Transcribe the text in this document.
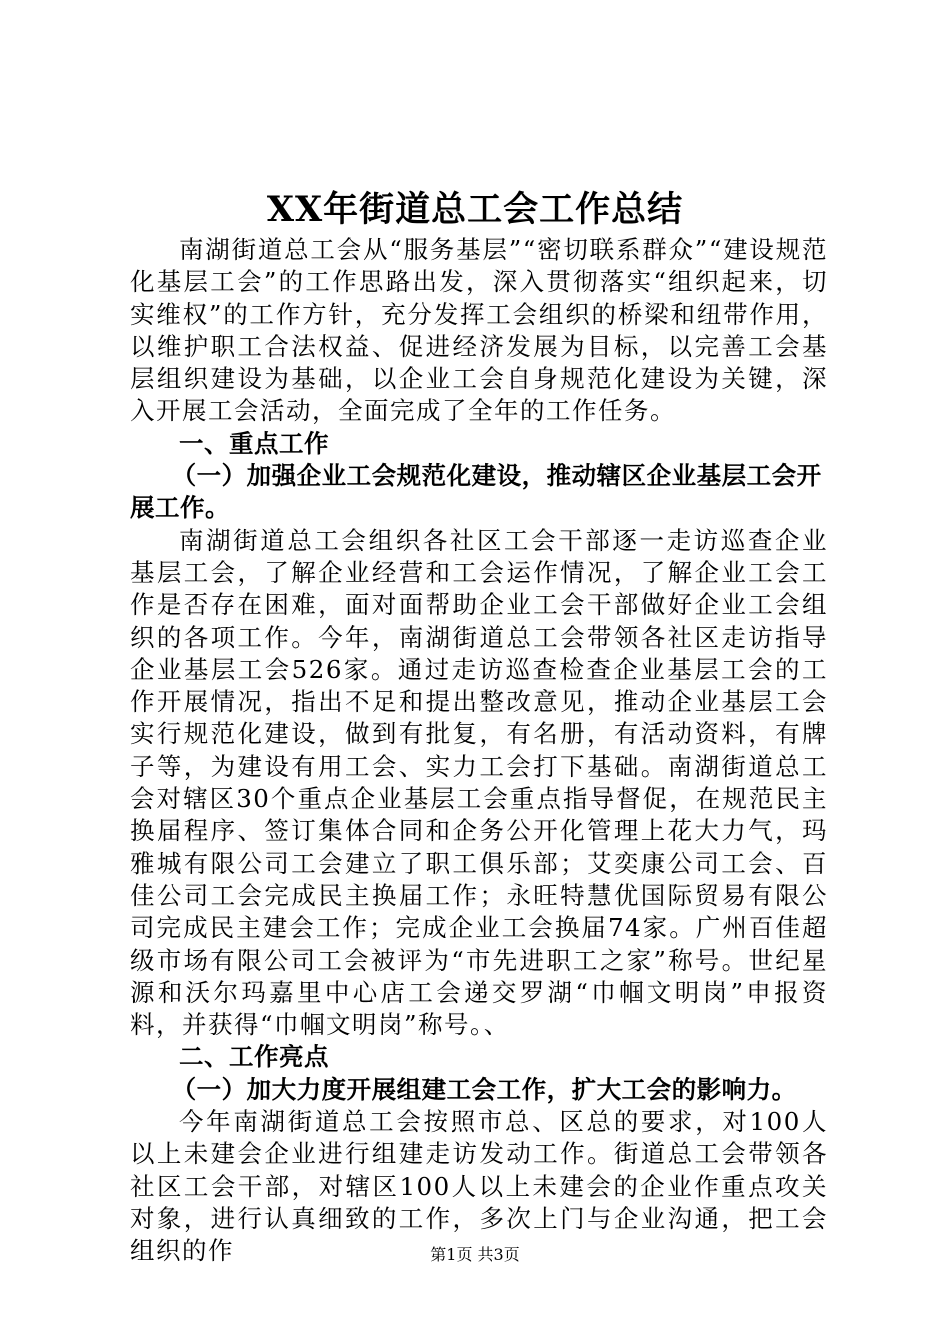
XX年街道总工会工作总结

南湖街道总工会从“服务基层”“密切联系群众”“建设规范化基层工会”的工作思路出发，深入贯彻落实“组织起来，切实维权”的工作方针，充分发挥工会组织的桥梁和纽带作用，以维护职工合法权益、促进经济发展为目标，以完善工会基层组织建设为基础，以企业工会自身规范化建设为关键，深入开展工会活动，全面完成了全年的工作任务。

一、重点工作

（一）加强企业工会规范化建设，推动辖区企业基层工会开展工作。

南湖街道总工会组织各社区工会干部逐一走访巡查企业基层工会，了解企业经营和工会运作情况，了解企业工会工作是否存在困难，面对面帮助企业工会干部做好企业工会组织的各项工作。今年，南湖街道总工会带领各社区走访指导企业基层工会526家。通过走访巡查检查企业基层工会的工作开展情况，指出不足和提出整改意见，推动企业基层工会实行规范化建设，做到有批复，有名册，有活动资料，有牌子等，为建设有用工会、实力工会打下基础。南湖街道总工会对辖区30个重点企业基层工会重点指导督促，在规范民主换届程序、签订集体合同和企务公开化管理上花大力气，玛雅城有限公司工会建立了职工俱乐部；艾奕康公司工会、百佳公司工会完成民主换届工作；永旺特慧优国际贸易有限公司完成民主建会工作；完成企业工会换届74家。广州百佳超级市场有限公司工会被评为“市先进职工之家”称号。世纪星源和沃尔玛嘉里中心店工会递交罗湖“巾帼文明岗”申报资料，并获得“巾帼文明岗”称号。、

二、工作亮点

（一）加大力度开展组建工会工作，扩大工会的影响力。

今年南湖街道总工会按照市总、区总的要求，对100人以上未建会企业进行组建走访发动工作。街道总工会带领各社区工会干部，对辖区100人以上未建会的企业作重点攻关对象，进行认真细致的工作，多次上门与企业沟通，把工会组织的作	第1页 共3页
